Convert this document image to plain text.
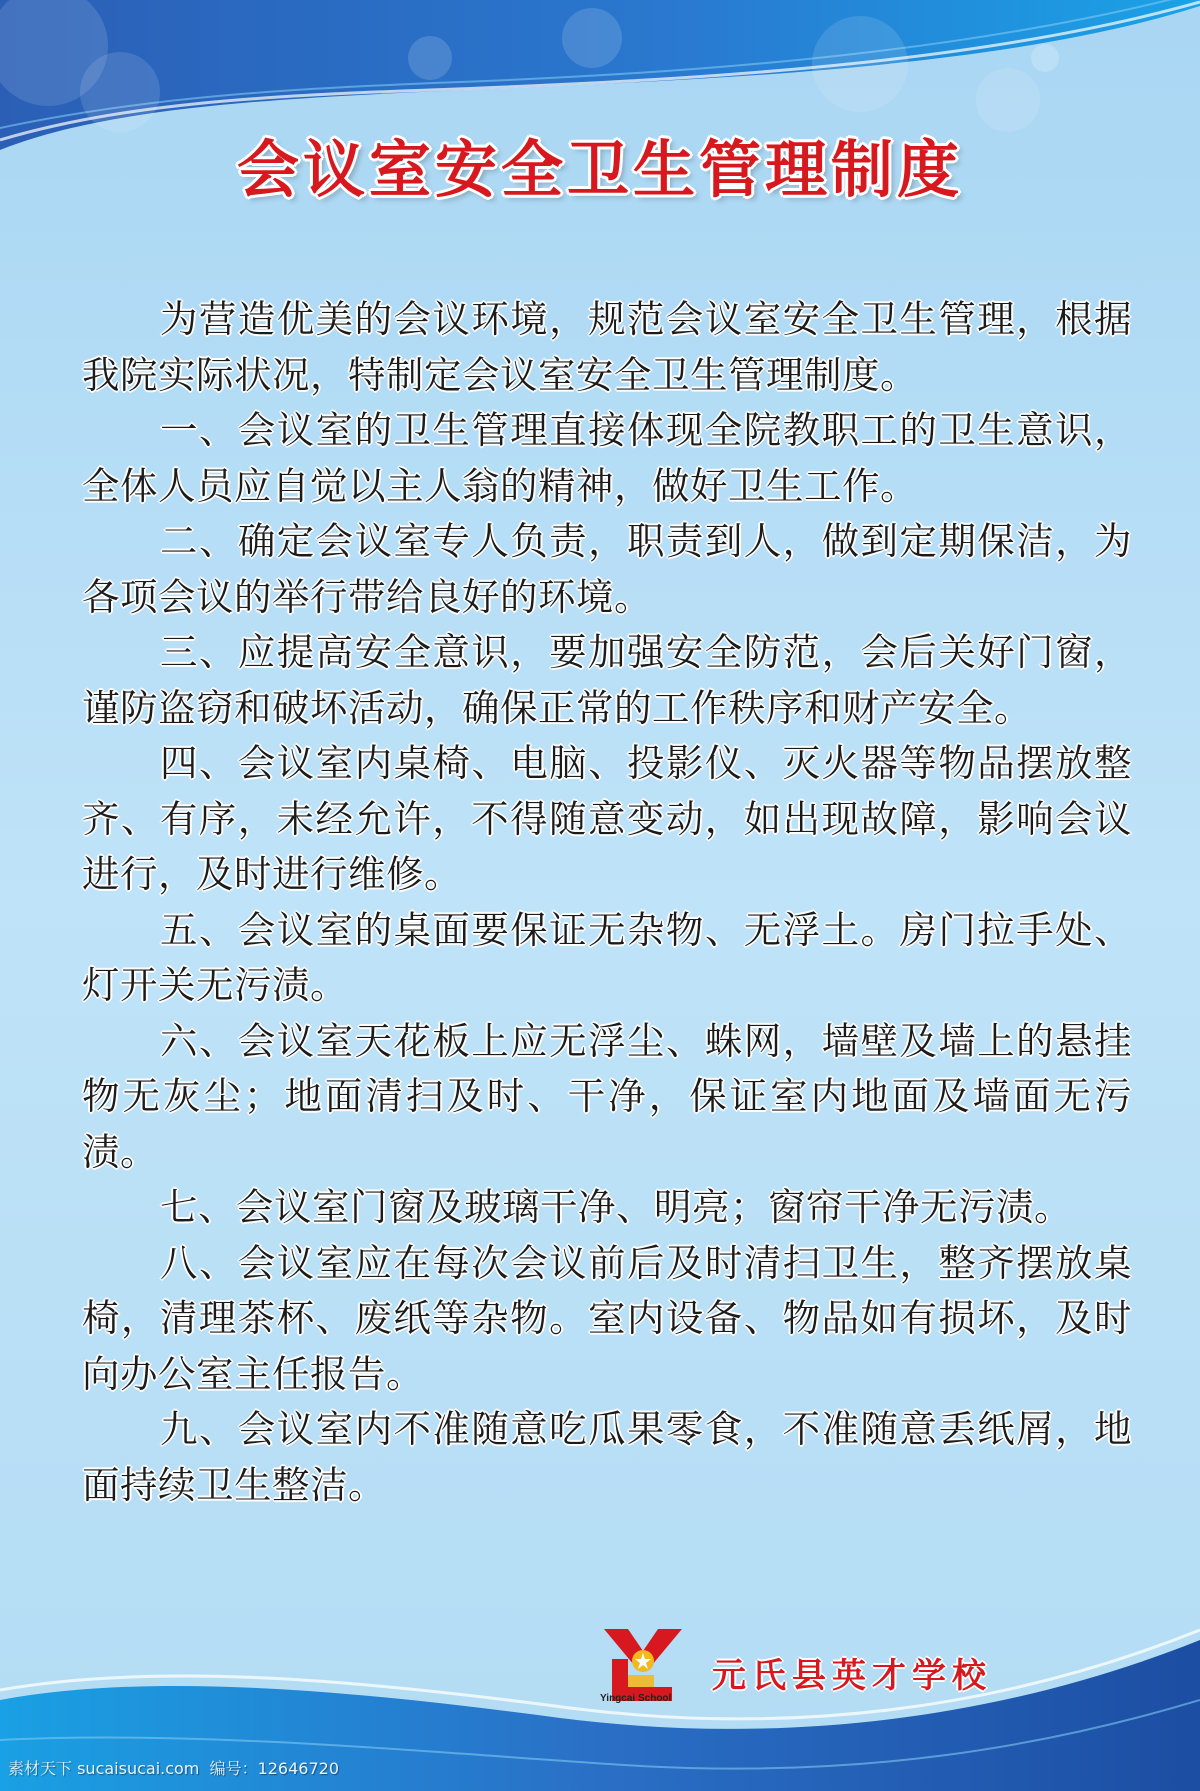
会议室安全卫生管理制度

为营造优美的会议环境，规范会议室安全卫生管理，根据我院实际状况，特制定会议室安全卫生管理制度。

一、会议室的卫生管理直接体现全院教职工的卫生意识，全体人员应自觉以主人翁的精神，做好卫生工作。

二、确定会议室专人负责，职责到人，做到定期保洁，为各项会议的举行带给良好的环境。

三、应提高安全意识，要加强安全防范，会后关好门窗，谨防盗窃和破坏活动，确保正常的工作秩序和财产安全。

四、会议室内桌椅、电脑、投影仪、灭火器等物品摆放整齐、有序，未经允许，不得随意变动，如出现故障，影响会议进行，及时进行维修。

五、会议室的桌面要保证无杂物、无浮土。房门拉手处、灯开关无污渍。

六、会议室天花板上应无浮尘、蛛网，墙壁及墙上的悬挂物无灰尘；地面清扫及时、干净，保证室内地面及墙面无污渍。

七、会议室门窗及玻璃干净、明亮；窗帘干净无污渍。

八、会议室应在每次会议前后及时清扫卫生，整齐摆放桌椅，清理茶杯、废纸等杂物。室内设备、物品如有损坏，及时向办公室主任报告。

九、会议室内不准随意吃瓜果零食，不准随意丢纸屑，地面持续卫生整洁。

Yingcai School
元氏县英才学校
素材天下 sucaisucai.com  编号：12646720
